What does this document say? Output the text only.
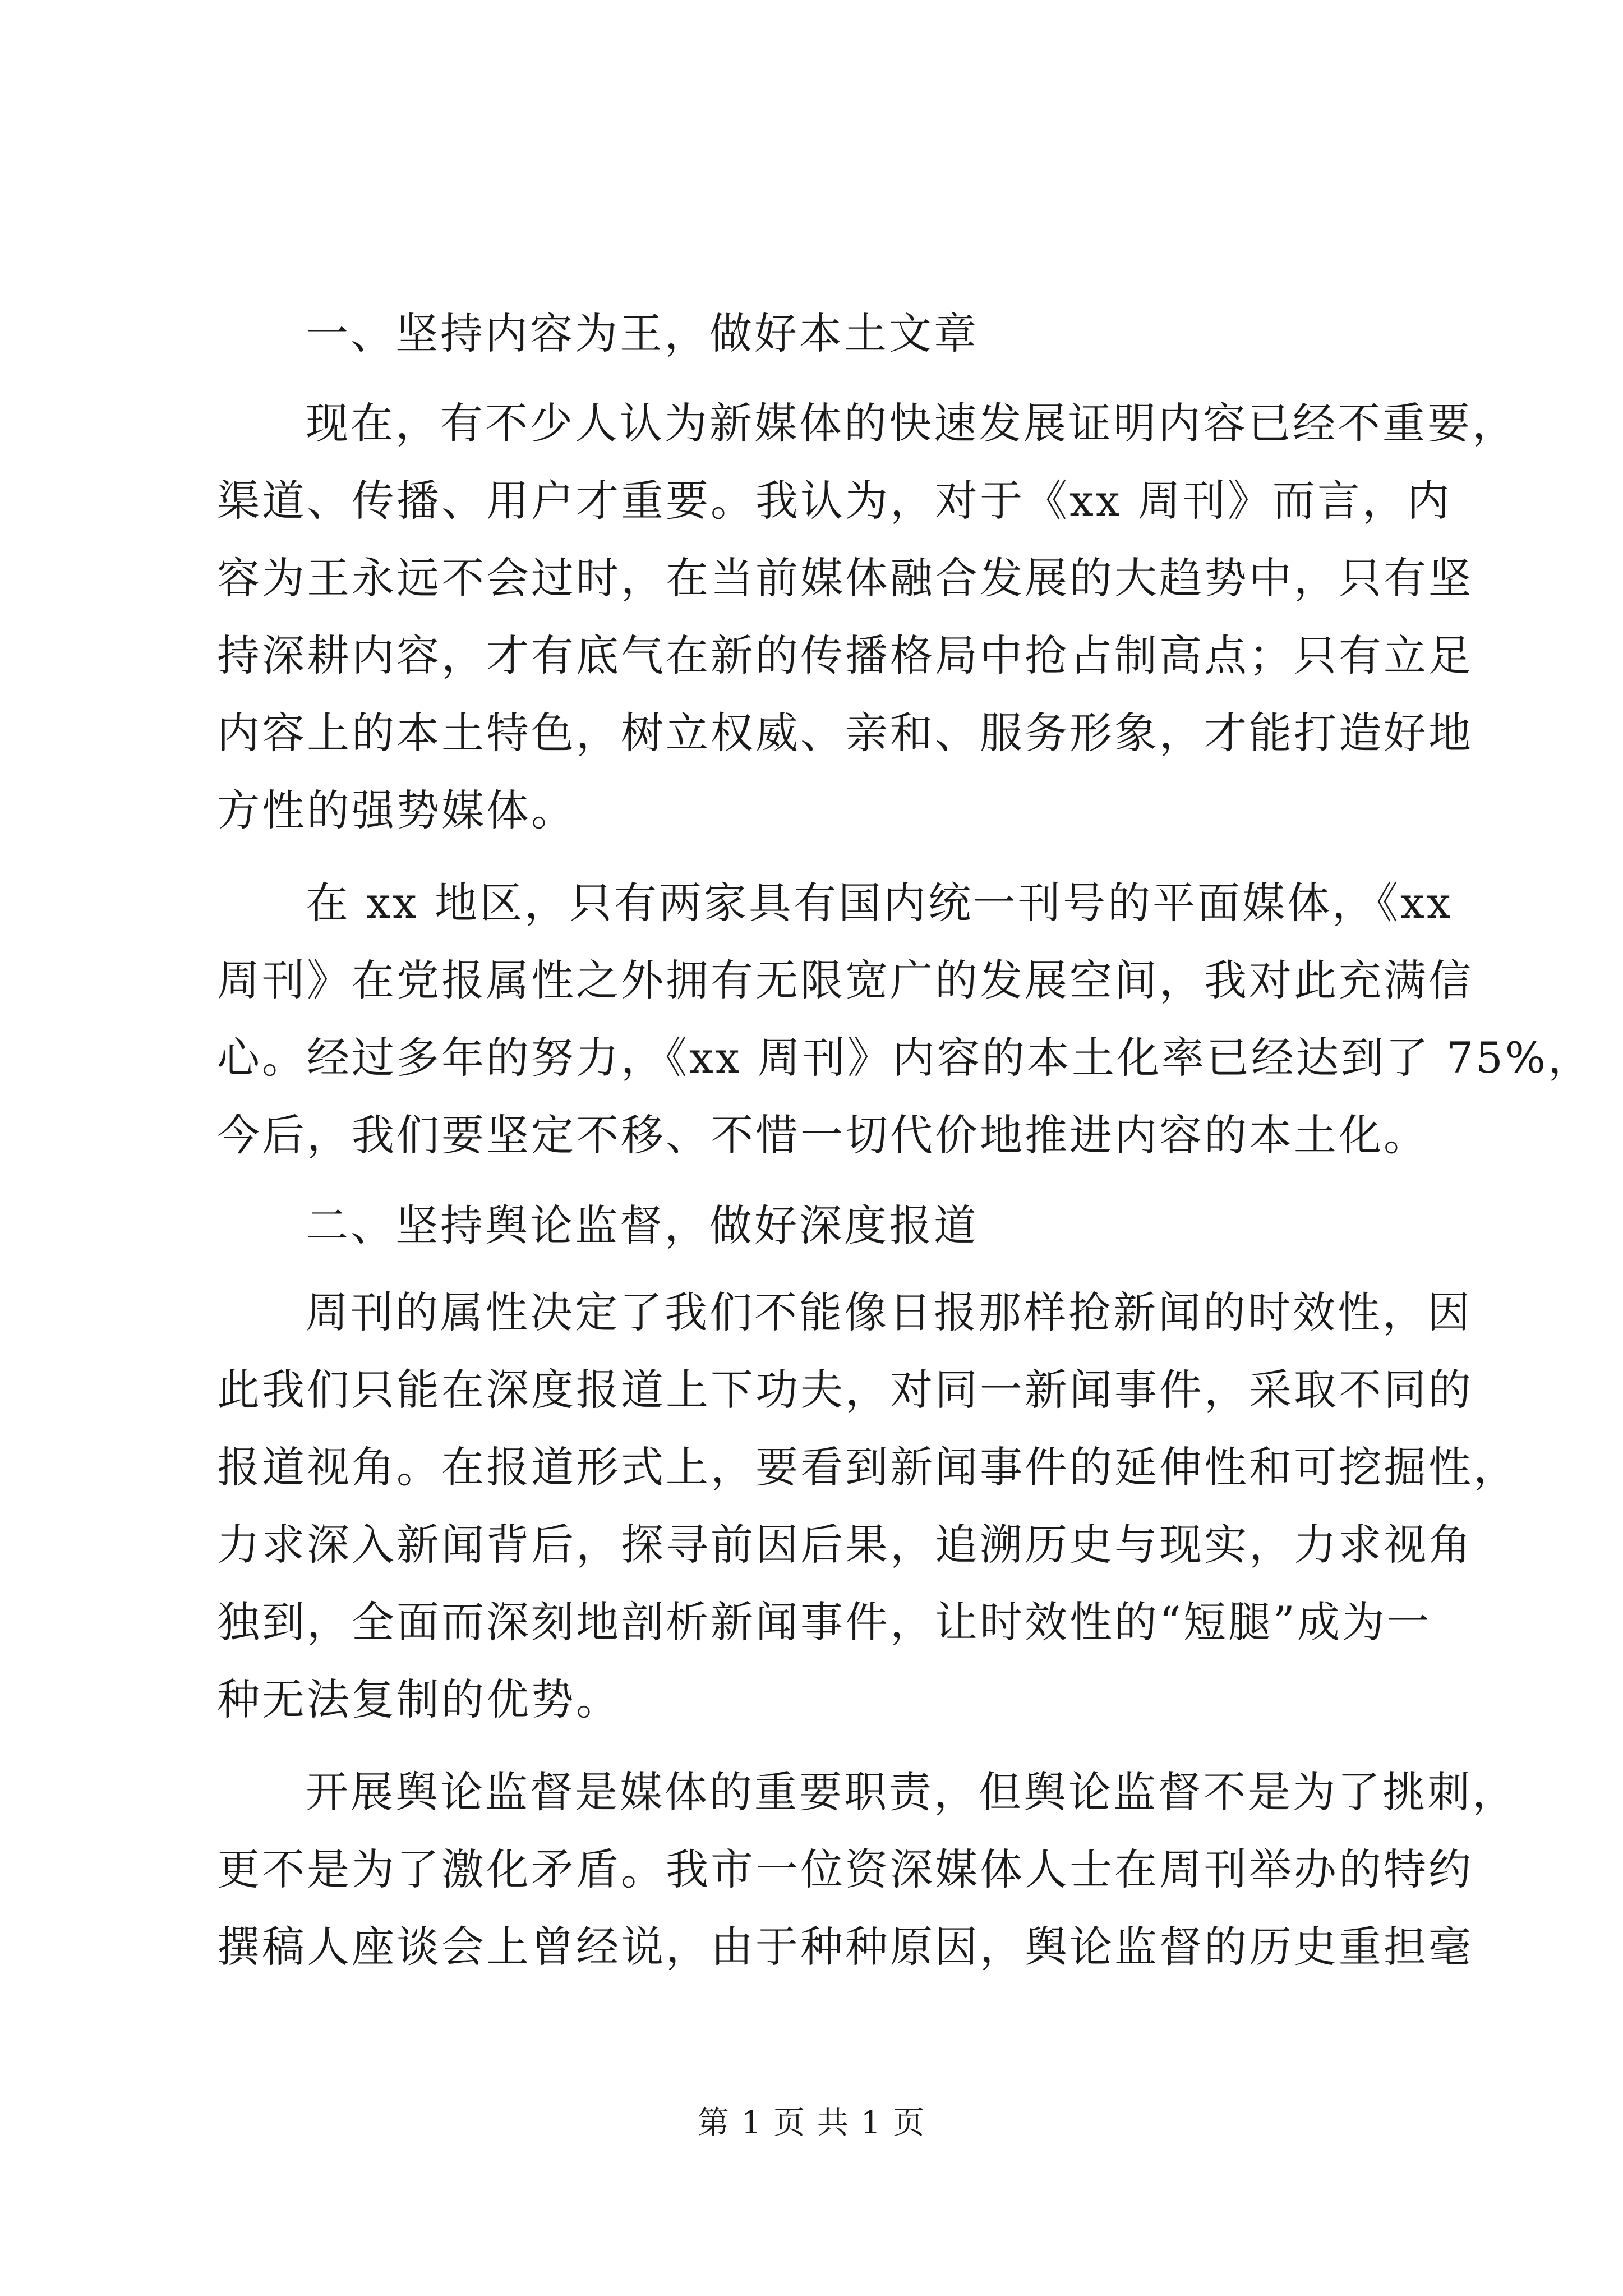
一、坚持内容为王，做好本土文章
现在，有不少人认为新媒体的快速发展证明内容已经不重要，
渠道、传播、用户才重要。我认为，对于《xx 周刊》而言，内
容为王永远不会过时，在当前媒体融合发展的大趋势中，只有坚
持深耕内容，才有底气在新的传播格局中抢占制高点；只有立足
内容上的本土特色，树立权威、亲和、服务形象，才能打造好地
方性的强势媒体。
在 xx 地区，只有两家具有国内统一刊号的平面媒体，《xx
周刊》在党报属性之外拥有无限宽广的发展空间，我对此充满信
心。经过多年的努力，《xx 周刊》内容的本土化率已经达到了 75%，
今后，我们要坚定不移、不惜一切代价地推进内容的本土化。
二、坚持舆论监督，做好深度报道
周刊的属性决定了我们不能像日报那样抢新闻的时效性，因
此我们只能在深度报道上下功夫，对同一新闻事件，采取不同的
报道视角。在报道形式上，要看到新闻事件的延伸性和可挖掘性，
力求深入新闻背后，探寻前因后果，追溯历史与现实，力求视角
独到，全面而深刻地剖析新闻事件，让时效性的“短腿”成为一
种无法复制的优势。
开展舆论监督是媒体的重要职责，但舆论监督不是为了挑刺，
更不是为了激化矛盾。我市一位资深媒体人士在周刊举办的特约
撰稿人座谈会上曾经说，由于种种原因，舆论监督的历史重担毫
第 1 页 共 1 页
